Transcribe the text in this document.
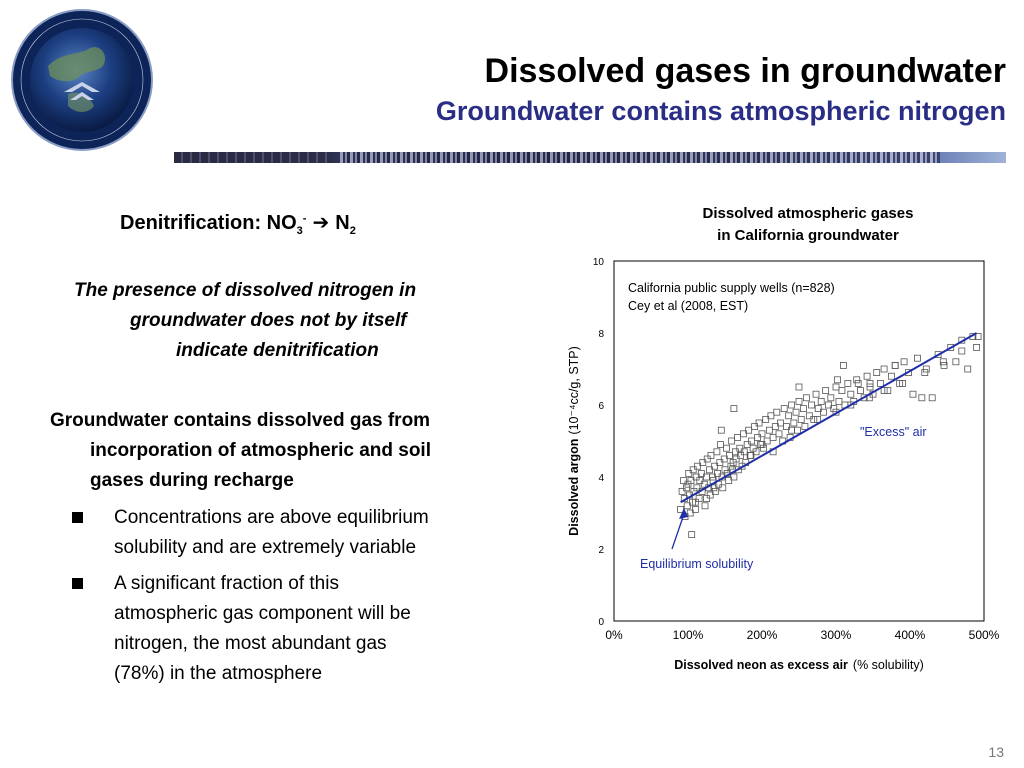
Dissolved gases in groundwater
Groundwater contains atmospheric nitrogen

Denitrification: $NO_3^-$ ➔ $N_2$

The presence of dissolved nitrogen in
groundwater does not by itself
indicate denitrification
Groundwater contains dissolved gas from
incorporation of atmospheric and soil
gases during recharge
Concentrations are above equilibrium
solubility and are extremely variable
A significant fraction of this
atmospheric gas component will be
nitrogen, the most abundant gas
(78%) in the atmosphere
Dissolved atmospheric gases
in California groundwater
California public supply wells (n=828)
Cey et al (2008, EST)
0
2
4
6
8
10
0%	100%	200%	300%	400%	500%
"Excess" air
Equilibrium solubility
Dissolved neon as excess air (% solubility)
Dissolved argon(10⁻⁴cc/g, STP)
13
